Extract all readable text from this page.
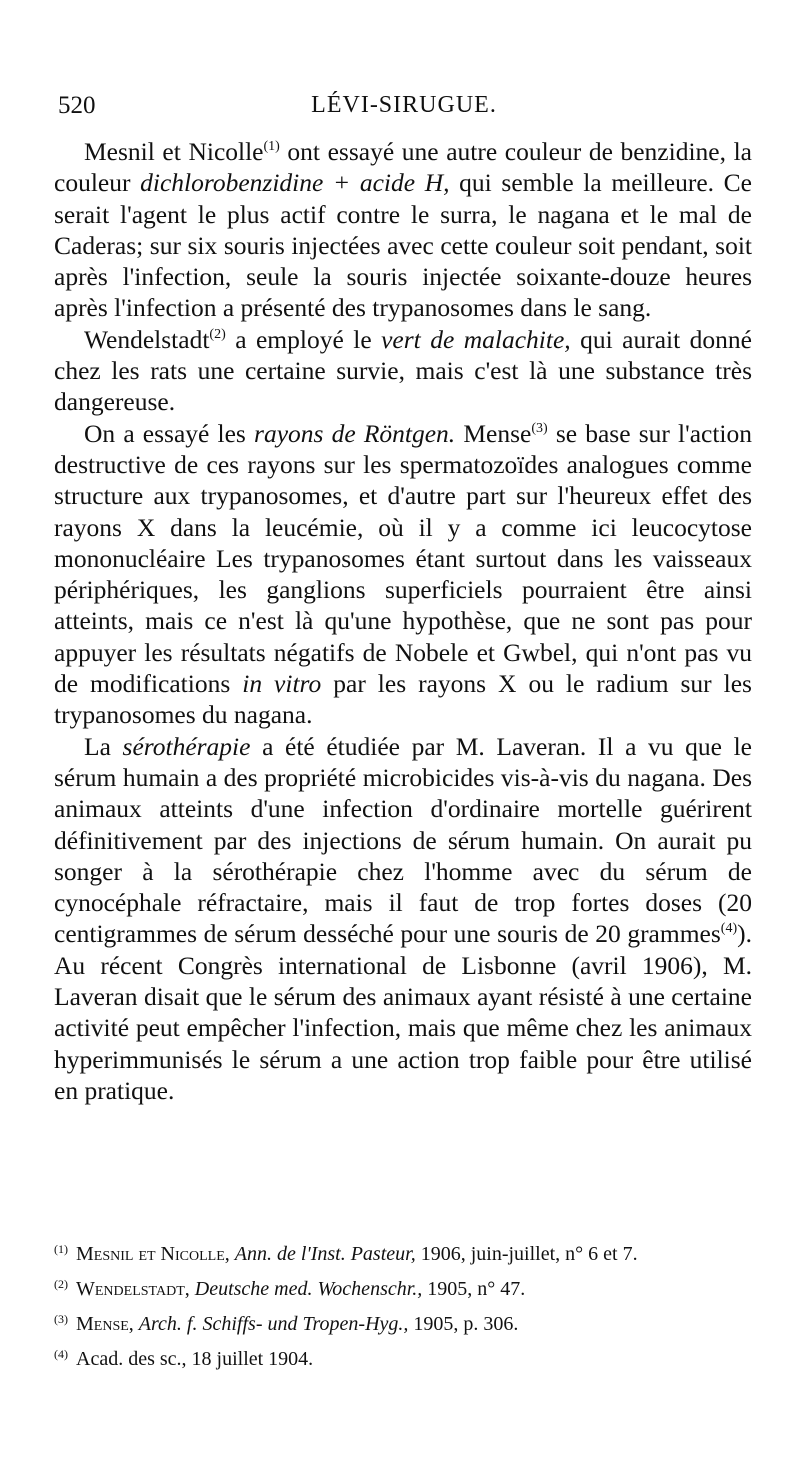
520	LÉVI-SIRUGUE.

Mesnil et Nicolle$^{(1)}$ ont essayé une autre couleur de benzidine, la couleur dichlorobenzidine + acide H, qui semble la meilleure. Ce serait l'agent le plus actif contre le surra, le nagana et le mal de Caderas; sur six souris injectées avec cette couleur soit pendant, soit après l'infection, seule la souris injectée soixante-douze heures après l'infection a présenté des trypanosomes dans le sang.

Wendelstadt$^{(2)}$ a employé le vert de malachite, qui aurait donné chez les rats une certaine survie, mais c'est là une substance très dangereuse.

On a essayé les rayons de Röntgen. Mense$^{(3)}$ se base sur l'action destructive de ces rayons sur les spermatozoïdes analogues comme structure aux trypanosomes, et d'autre part sur l'heureux effet des rayons X dans la leucémie, où il y a comme ici leucocytose mononucléaire Les trypanosomes étant surtout dans les vaisseaux périphériques, les ganglions superficiels pourraient être ainsi atteints, mais ce n'est là qu'une hypothèse, que ne sont pas pour appuyer les résultats négatifs de Nobele et Gwbel, qui n'ont pas vu de modifications in vitro par les rayons X ou le radium sur les trypanosomes du nagana.

La sérothérapie a été étudiée par M. Laveran. Il a vu que le sérum humain a des propriété microbicides vis-à-vis du nagana. Des animaux atteints d'une infection d'ordinaire mortelle guérirent définitivement par des injections de sérum humain. On aurait pu songer à la sérothérapie chez l'homme avec du sérum de cynocéphale réfractaire, mais il faut de trop fortes doses (20 centigrammes de sérum desséché pour une souris de 20 grammes$^{(4)}$). Au récent Congrès international de Lisbonne (avril 1906), M. Laveran disait que le sérum des animaux ayant résisté à une certaine activité peut empêcher l'infection, mais que même chez les animaux hyperimmunisés le sérum a une action trop faible pour être utilisé en pratique.

$^{(1)}$ Mesnil et Nicolle, Ann. de l'Inst. Pasteur, 1906, juin-juillet, n° 6 et 7.

$^{(2)}$ Wendelstadt, Deutsche med. Wochenschr., 1905, n° 47.

$^{(3)}$ Mense, Arch. f. Schiffs- und Tropen-Hyg., 1905, p. 306.

$^{(4)}$ Acad. des sc., 18 juillet 1904.
